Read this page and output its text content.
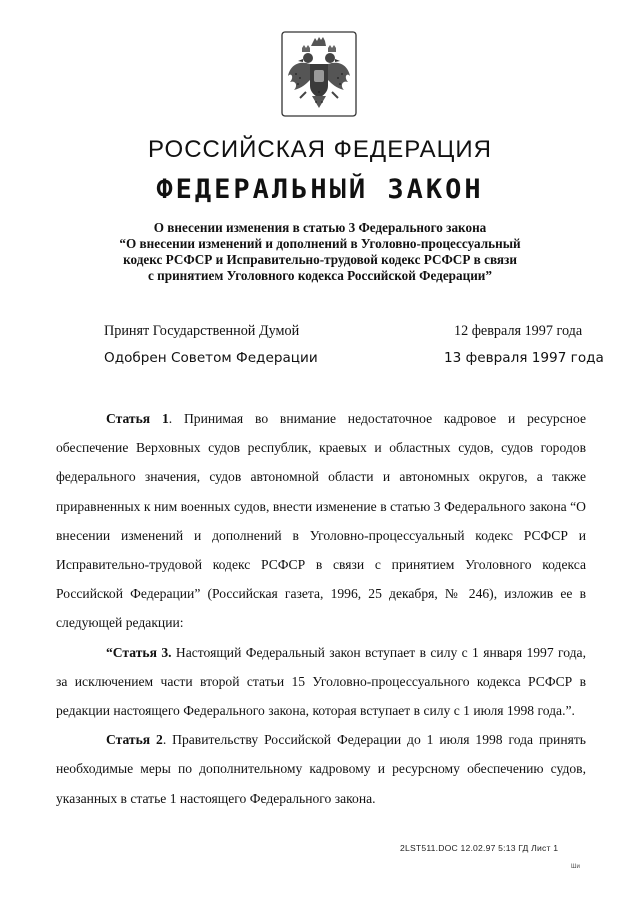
РОССИЙСКАЯ ФЕДЕРАЦИЯ
ФЕДЕРАЛЬНЫЙ ЗАКОН
О внесении изменения в статью 3 Федерального закона
“О внесении изменений и дополнений в Уголовно-процессуальный
кодекс РСФСР и Исправительно-трудовой кодекс РСФСР в связи
с принятием Уголовного кодекса Российской Федерации”
Принят Государственной Думой	12 февраля 1997 года
Одобрен Советом Федерации	13 февраля 1997 года

Статья 1. Принимая во внимание недостаточное кадровое и ресурсное обеспечение Верховных судов республик, краевых и областных судов, судов городов федерального значения, судов автономной области и автономных округов, а также приравненных к ним военных судов, внести изменение в статью 3 Федерального закона “О внесении изменений и дополнений в Уголовно-процессуальный кодекс РСФСР и Исправительно-трудовой кодекс РСФСР в связи с принятием Уголовного кодекса Российской Федерации” (Российская газета, 1996, 25 декабря, № 246), изложив ее в следующей редакции:

“Статья 3. Настоящий Федеральный закон вступает в силу с 1 января 1997 года, за исключением части второй статьи 15 Уголовно-процессуального кодекса РСФСР в редакции настоящего Федерального закона, которая вступает в силу с 1 июля 1998 года.”.

Статья 2. Правительству Российской Федерации до 1 июля 1998 года принять необходимые меры по дополнительному кадровому и ресурсному обеспечению судов, указанных в статье 1 настоящего Федерального закона.

2LST511.DOC 12.02.97 5:13 ГД Лист 1
Ши
